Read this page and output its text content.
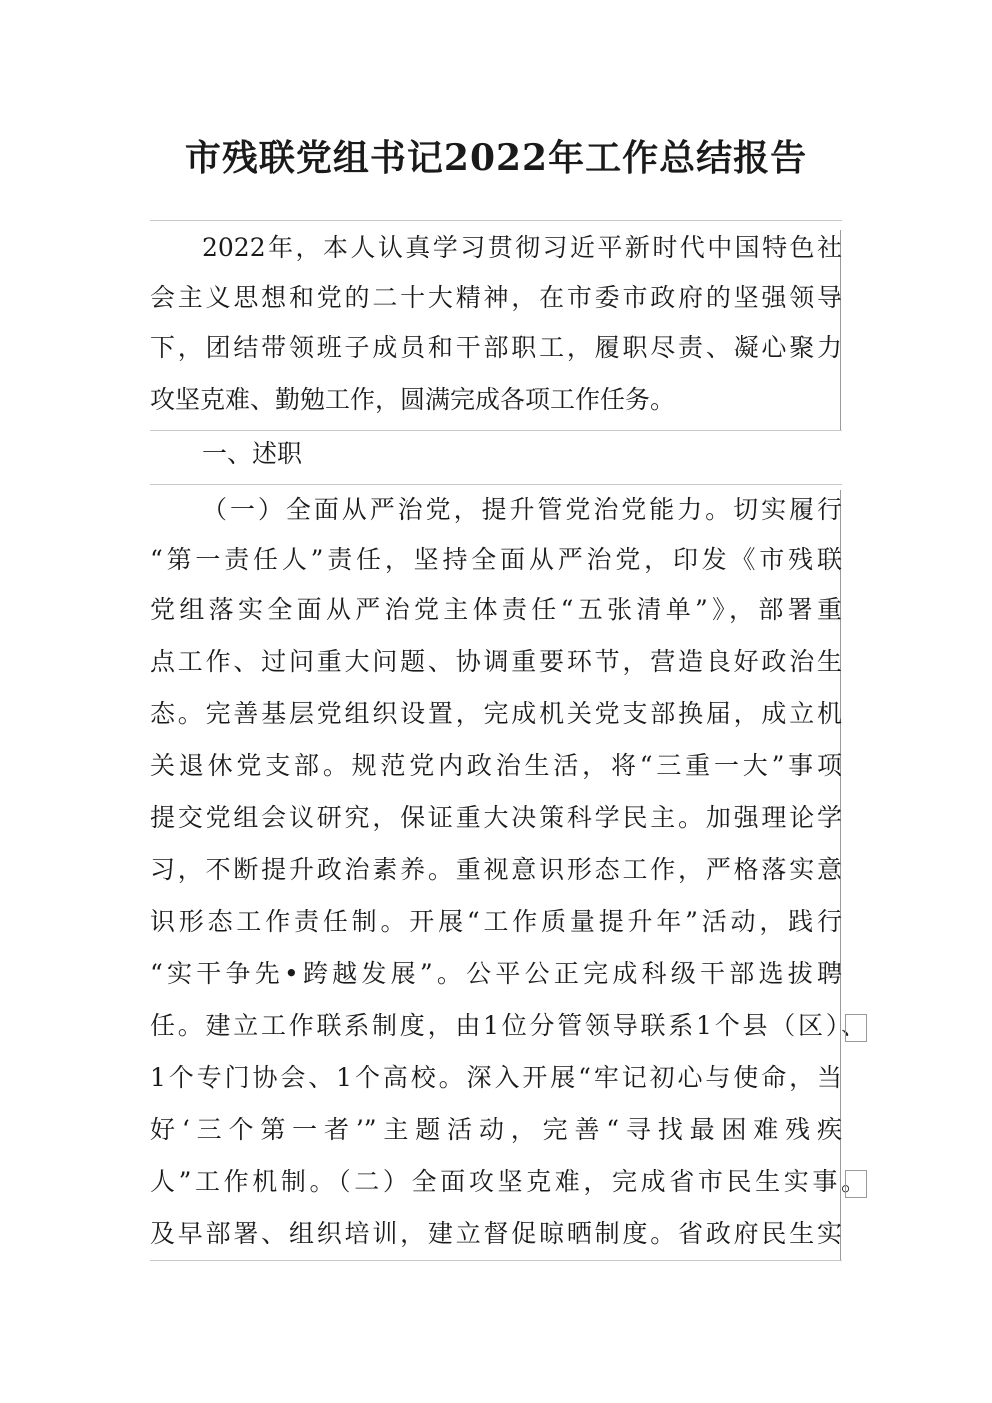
市残联党组书记2022年工作总结报告
2022年，本人认真学习贯彻习近平新时代中国特色社
会主义思想和党的二十大精神，在市委市政府的坚强领导
下，团结带领班子成员和干部职工，履职尽责、凝心聚力
攻坚克难、勤勉工作，圆满完成各项工作任务。
一、述职
（一）全面从严治党，提升管党治党能力。切实履行
“第一责任人”责任，坚持全面从严治党，印发《市残联
党组落实全面从严治党主体责任“五张清单”》，部署重
点工作、过问重大问题、协调重要环节，营造良好政治生
态。完善基层党组织设置，完成机关党支部换届，成立机
关退休党支部。规范党内政治生活，将“三重一大”事项
提交党组会议研究，保证重大决策科学民主。加强理论学
习，不断提升政治素养。重视意识形态工作，严格落实意
识形态工作责任制。开展“工作质量提升年”活动，践行
“实干争先•跨越发展”。公平公正完成科级干部选拔聘
任。建立工作联系制度，由1位分管领导联系1个县（区）、
1个专门协会、1个高校。深入开展“牢记初心与使命，当
好‘三个第一者’”主题活动，完善“寻找最困难残疾
人”工作机制。（二）全面攻坚克难，完成省市民生实事。
及早部署、组织培训，建立督促晾晒制度。省政府民生实
